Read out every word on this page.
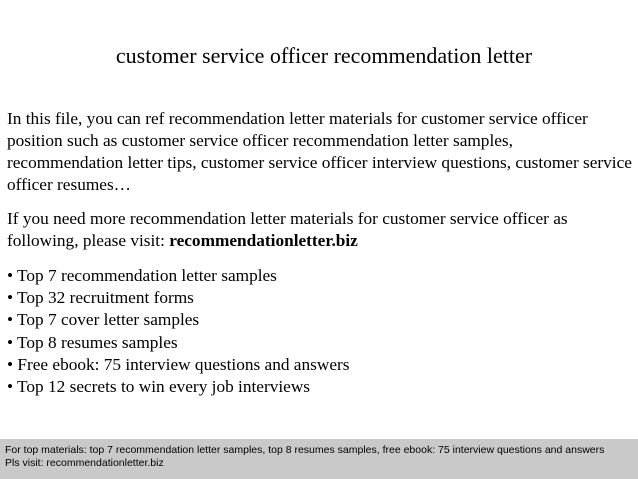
customer service officer recommendation letter

In this file, you can ref recommendation letter materials for customer service officer position such as customer service officer recommendation letter samples, recommendation letter tips, customer service officer interview questions, customer service officer resumes…

If you need more recommendation letter materials for customer service officer as following, please visit: recommendationletter.biz

• Top 7 recommendation letter samples
• Top 32 recruitment forms
• Top 7 cover letter samples
• Top 8 resumes samples
• Free ebook: 75 interview questions and answers
• Top 12 secrets to win every job interviews
For top materials: top 7 recommendation letter samples, top 8 resumes samples, free ebook: 75 interview questions and answers
Pls visit: recommendationletter.biz
